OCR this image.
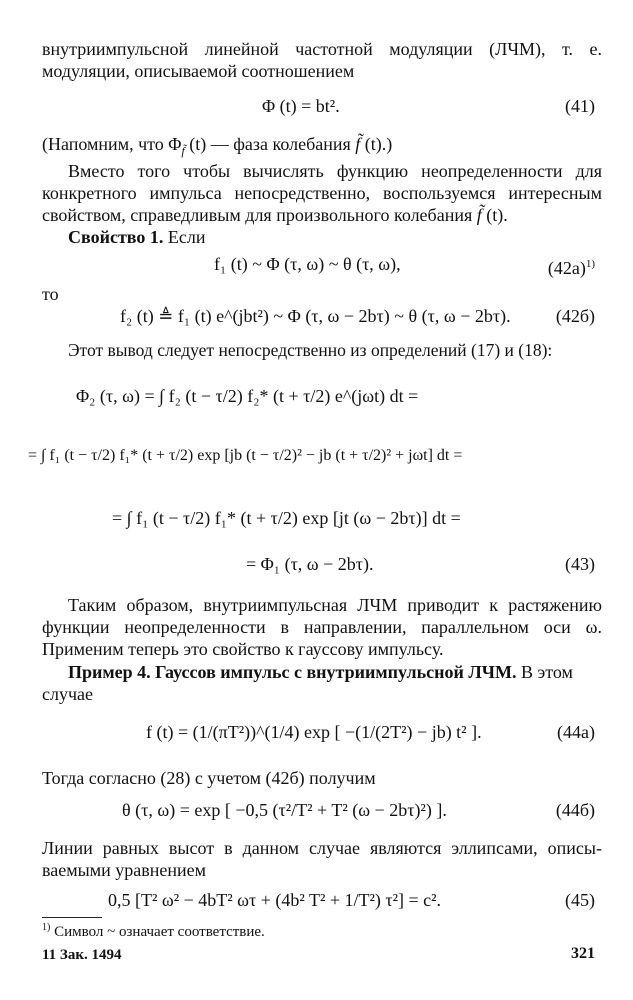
внутриимпульсной линейной частотной модуляции (ЛЧМ), т. е.
модуляции, описываемой соотношением
Φ (t) = bt².	(41)
(Напомним, что $\Phi_{f̃}$ (t) — фаза колебания f̃ (t).)
Вместо того чтобы вычислять функцию неопределенности для
конкретного импульса непосредственно, воспользуемся интересным
свойством, справедливым для произвольного колебания f̃ (t).
Свойство 1. Если
f₁ (t) ~ Φ (τ, ω) ~ θ (τ, ω),	$(42а)^{1)}$
то
f₂ (t) ≜ f₁ (t) e^(jbt²) ~ Φ (τ, ω − 2bτ) ~ θ (τ, ω − 2bτ).	(42б)
Этот вывод следует непосредственно из определений (17) и (18):
Φ₂ (τ, ω) = ∫ f₂ (t − τ/2) f₂* (t + τ/2) e^(jωt) dt =
= ∫ f₁ (t − τ/2) f₁* (t + τ/2) exp [jb (t − τ/2)² − jb (t + τ/2)² + jωt] dt =
= ∫ f₁ (t − τ/2) f₁* (t + τ/2) exp [jt (ω − 2bτ)] dt =
= Φ₁ (τ, ω − 2bτ).	(43)
Таким образом, внутриимпульсная ЛЧМ приводит к растяжению
функции неопределенности в направлении, параллельном оси ω.
Применим теперь это свойство к гауссову импульсу.
Пример 4. Гауссов импульс с внутриимпульсной ЛЧМ. В этом
случае
f (t) = (1/(πT²))^(1/4) exp [ −(1/(2T²) − jb) t² ].	(44а)
Тогда согласно (28) с учетом (42б) получим
θ (τ, ω) = exp [ −0,5 (τ²/T² + T² (ω − 2bτ)²) ].	(44б)
Линии равных высот в данном случае являются эллипсами, описы-
ваемыми уравнением
0,5 [T² ω² − 4bT² ωτ + (4b² T² + 1/T²) τ²] = c².	(45)
$^{1)}$ Символ ~ означает соответствие.
11 Зак. 1494	321
